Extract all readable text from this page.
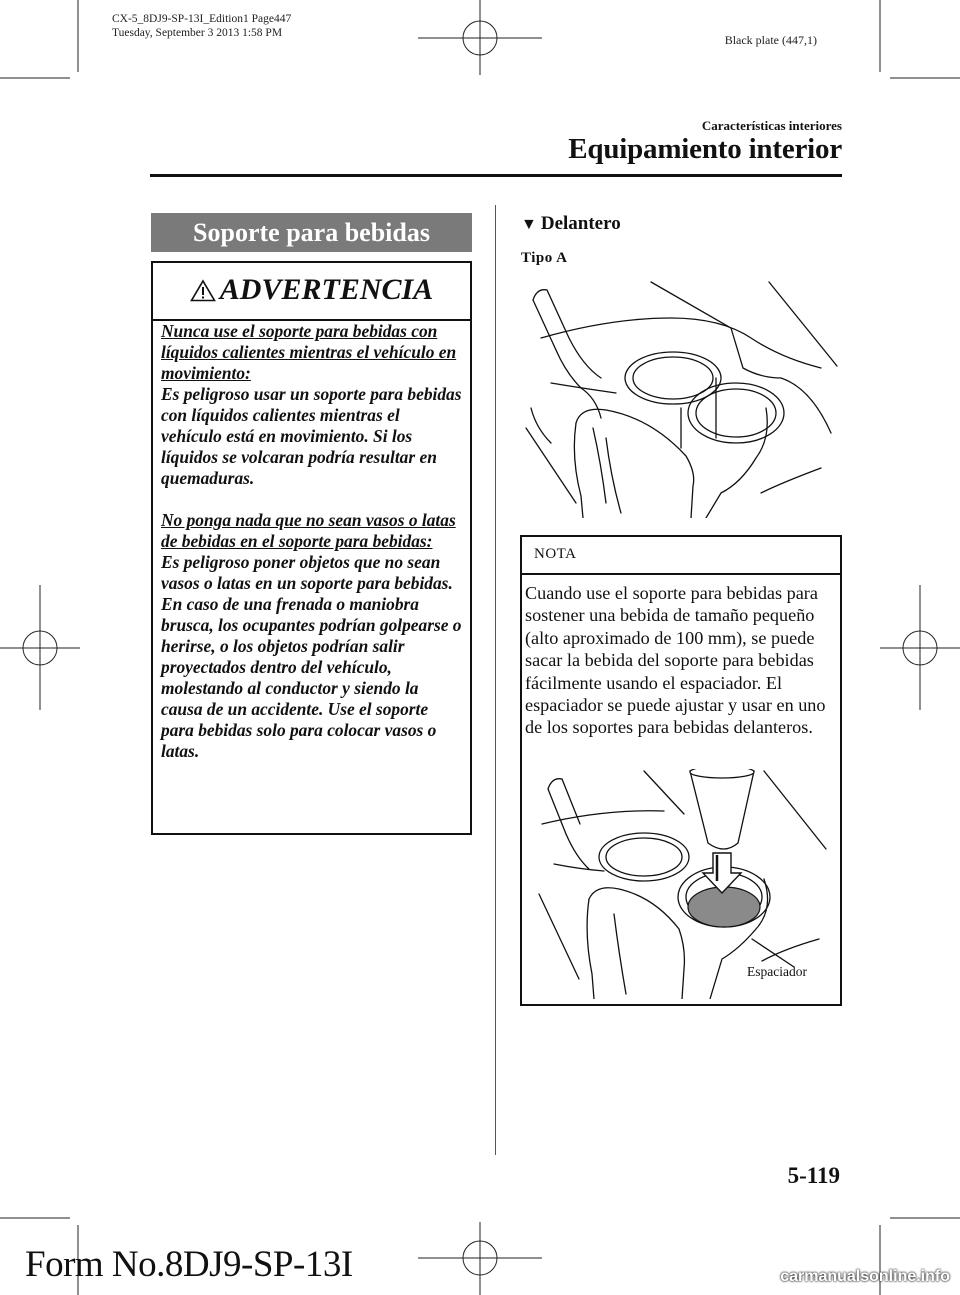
CX-5_8DJ9-SP-13I_Edition1 Page447
Tuesday, September 3 2013 1:58 PM	Black plate (447,1)
Características interiores
Equipamiento interior
Soporte para bebidas
ADVERTENCIA

Nunca use el soporte para bebidas con líquidos calientes mientras el vehículo en movimiento:

Es peligroso usar un soporte para bebidas con líquidos calientes mientras el vehículo está en movimiento. Si los líquidos se volcaran podría resultar en quemaduras.

No ponga nada que no sean vasos o latas de bebidas en el soporte para bebidas:

Es peligroso poner objetos que no sean vasos o latas en un soporte para bebidas.

En caso de una frenada o maniobra brusca, los ocupantes podrían golpearse o herirse, o los objetos podrían salir proyectados dentro del vehículo, molestando al conductor y siendo la causa de un accidente. Use el soporte para bebidas solo para colocar vasos o latas.

▼ Delantero
Tipo A
NOTA
Cuando use el soporte para bebidas para sostener una bebida de tamaño pequeño (alto aproximado de 100 mm), se puede sacar la bebida del soporte para bebidas fácilmente usando el espaciador. El espaciador se puede ajustar y usar en uno de los soportes para bebidas delanteros.
Espaciador
5-119
Form No.8DJ9-SP-13I	carmanualsonline.info
